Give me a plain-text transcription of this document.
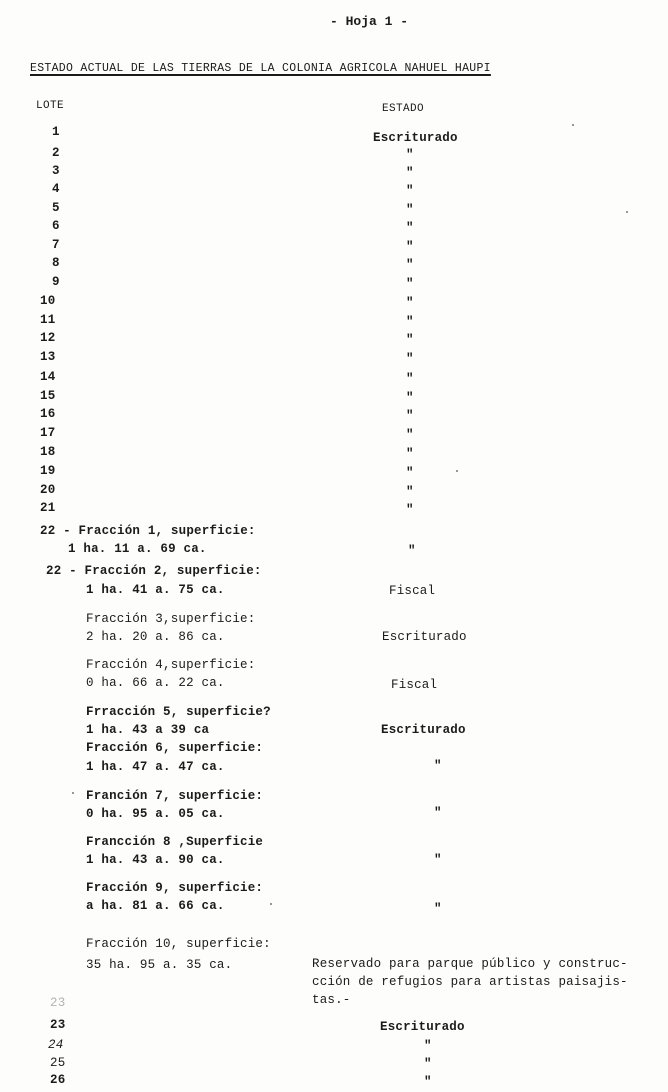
- Hoja 1 -
ESTADO ACTUAL DE LAS TIERRAS DE LA COLONIA AGRICOLA NAHUEL HAUPI
LOTE	ESTADO
1	Escriturado
2	"
3	"
4	"
5	"
6	"
7	"
8	"
9	"
10	"
11	"
12	"
13	"
14	"
15	"
16	"
17	"
18	"
19	"
20	"
21	"
22 - Fracción 1, superficie:
1 ha. 11 a. 69 ca.	"
22 - Fracción 2, superficie:
1 ha. 41 a. 75 ca.	Fiscal
Fracción 3,superficie:
2 ha. 20 a. 86 ca.	Escriturado
Fracción 4,superficie:
0 ha. 66 a. 22 ca.	Fiscal
Frracción 5, superficie?
1 ha. 43 a 39 ca	Escriturado
Fracción 6, superficie:
1 ha. 47 a. 47 ca.	"
Franción 7, superficie:
0 ha. 95 a. 05 ca.	"
Francción 8 ,Superficie
1 ha. 43 a. 90 ca.	"
Fracción 9, superficie:
a ha. 81 a. 66 ca.	"
Fracción 10, superficie:
35 ha. 95 a. 35 ca.	Reservado para parque público y construc-
cción de refugios para artistas paisajis-
tas.-
23
23	Escriturado
24	"
25	"
26	"
